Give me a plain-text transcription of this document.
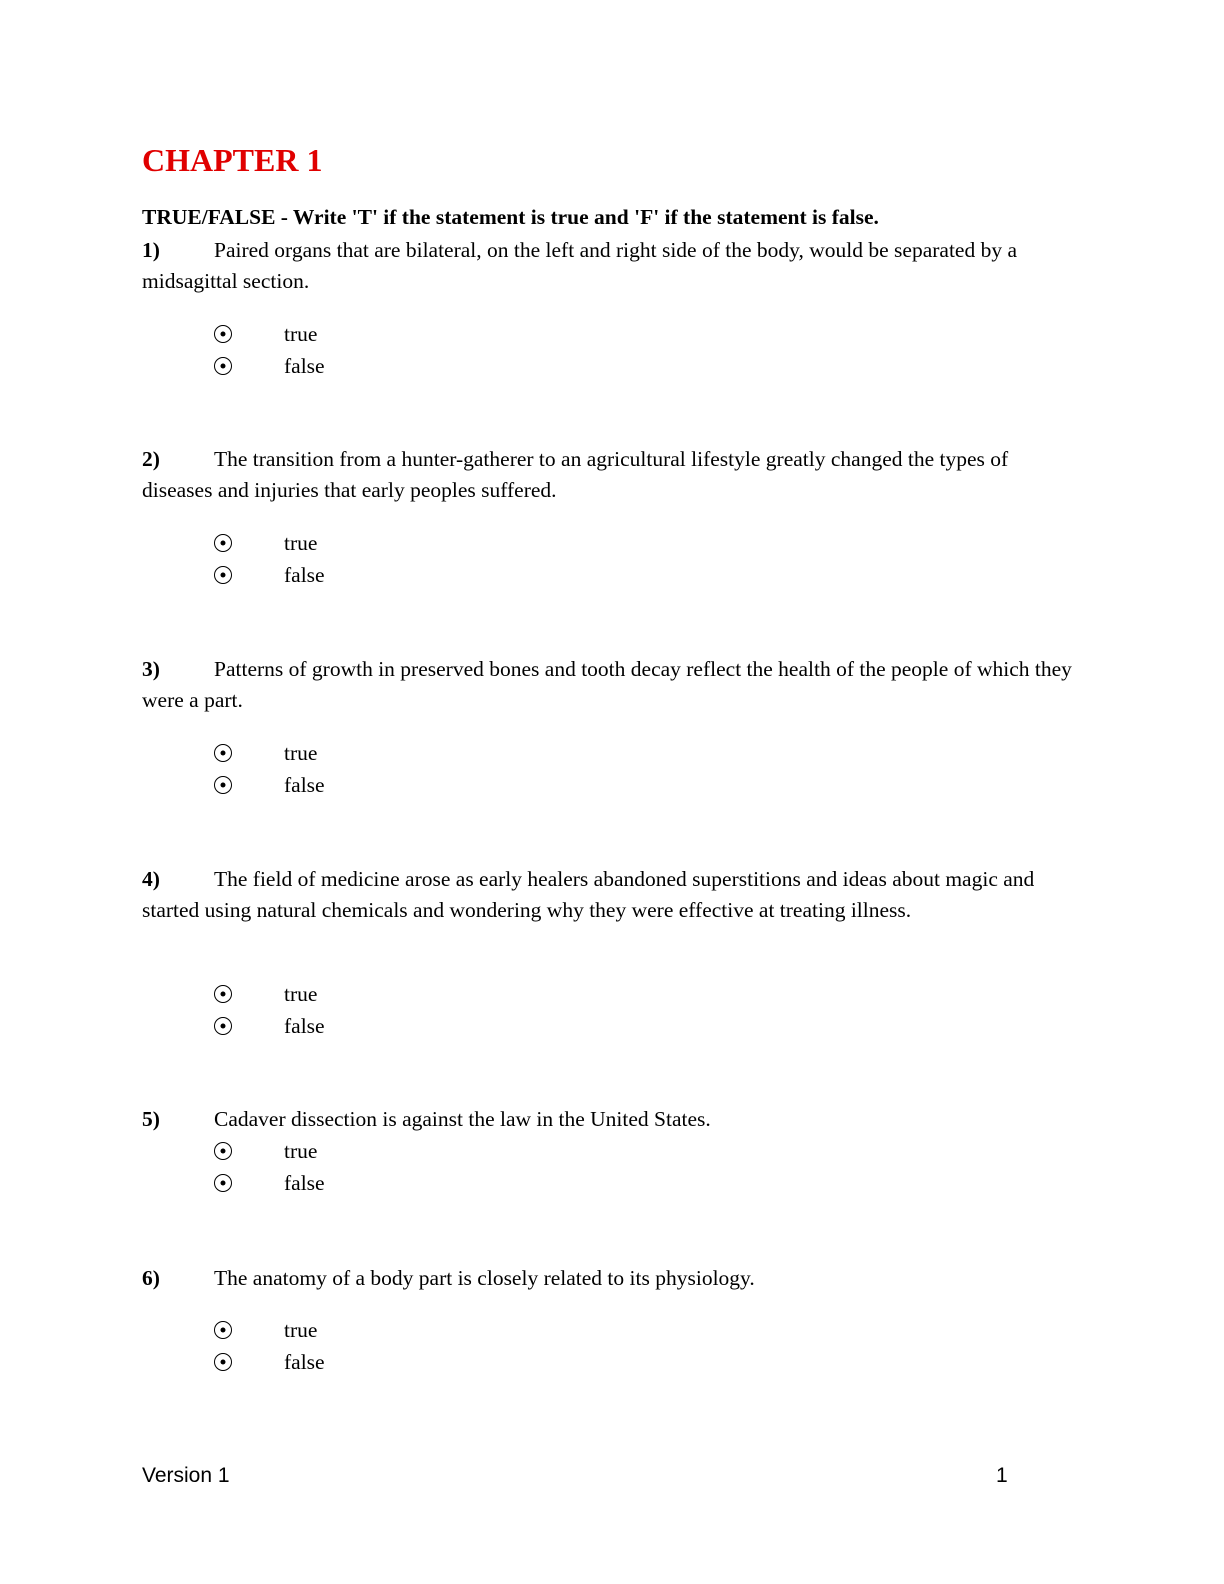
CHAPTER 1
TRUE/FALSE - Write 'T' if the statement is true and 'F' if the statement is false.
1)	Paired organs that are bilateral, on the left and right side of the body, would be separated by a midsagittal section.
true
false
2)	The transition from a hunter-gatherer to an agricultural lifestyle greatly changed the types of diseases and injuries that early peoples suffered.
true
false
3)	Patterns of growth in preserved bones and tooth decay reflect the health of the people of which they were a part.
true
false
4)	The field of medicine arose as early healers abandoned superstitions and ideas about magic and started using natural chemicals and wondering why they were effective at treating illness.
true
false
5)	Cadaver dissection is against the law in the United States.
true
false
6)	The anatomy of a body part is closely related to its physiology.
true
false
Version 1	1
